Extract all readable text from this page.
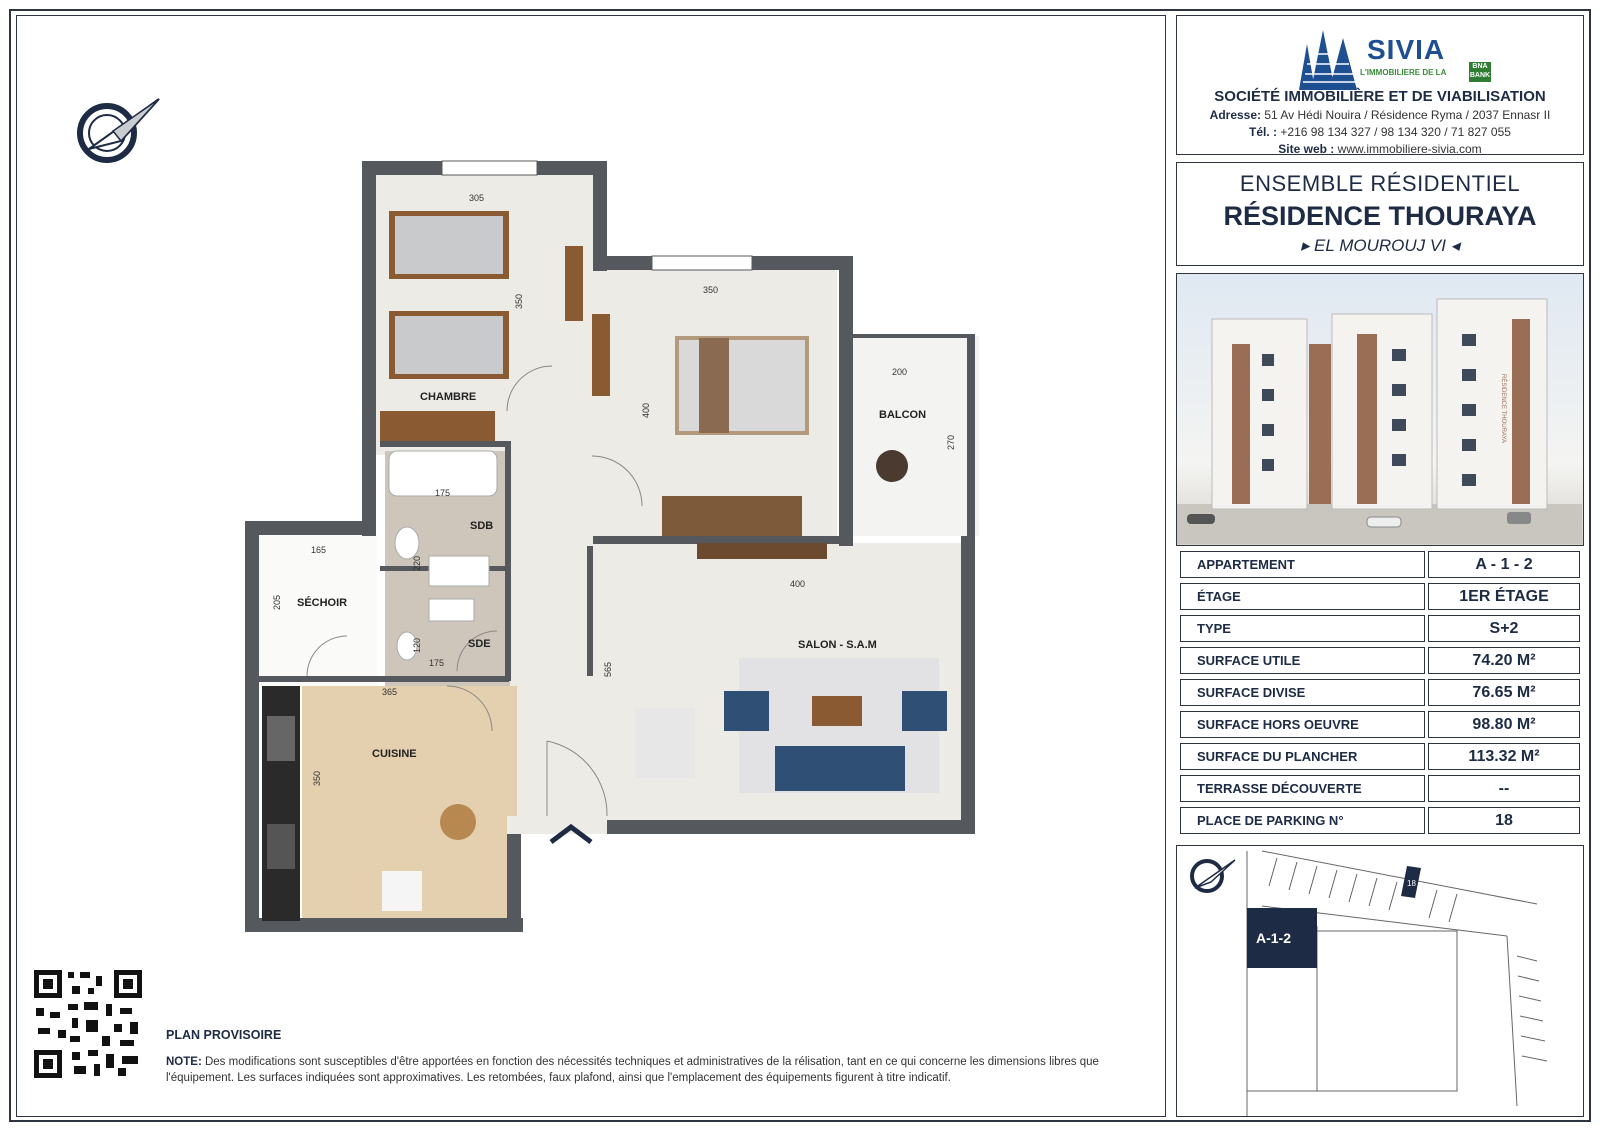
CHAMBRE
SDB
SDE
SÉCHOIR
CUISINE
SALON - S.A.M
BALCON
305
350
350
400
200
270
175
220
175
120
165
205
365
350
400
565
PLAN PROVISOIRE
NOTE: Des modifications sont susceptibles d'être apportées en fonction des nécessités techniques et administratives de la rélisation, tant en ce qui concerne les dimensions libres que l'équipement. Les surfaces indiquées sont approximatives. Les retombées, faux plafond, ainsi que l'emplacement des équipements figurent à titre indicatif.
SIVIA
L'IMMOBILIERE DE LA
BNA BANK
SOCIÉTÉ IMMOBILIÈRE ET DE VIABILISATION
Adresse: 51 Av Hédi Nouira / Résidence Ryma / 2037 Ennasr II
Tél. : +216 98 134 327 / 98 134 320 / 71 827 055
Site web : www.immobiliere-sivia.com
ENSEMBLE RÉSIDENTIEL
RÉSIDENCE THOURAYA
▸ EL MOUROUJ VI ◂
RÉSIDENCE THOURAYA
APPARTEMENT	A - 1 - 2
ÉTAGE	1ER ÉTAGE
TYPE	S+2
SURFACE UTILE	74.20 M²
SURFACE DIVISE	76.65 M²
SURFACE HORS OEUVRE	98.80 M²
SURFACE DU PLANCHER	113.32 M²
TERRASSE DÉCOUVERTE	--
PLACE DE PARKING N°	18
18
A-1-2
